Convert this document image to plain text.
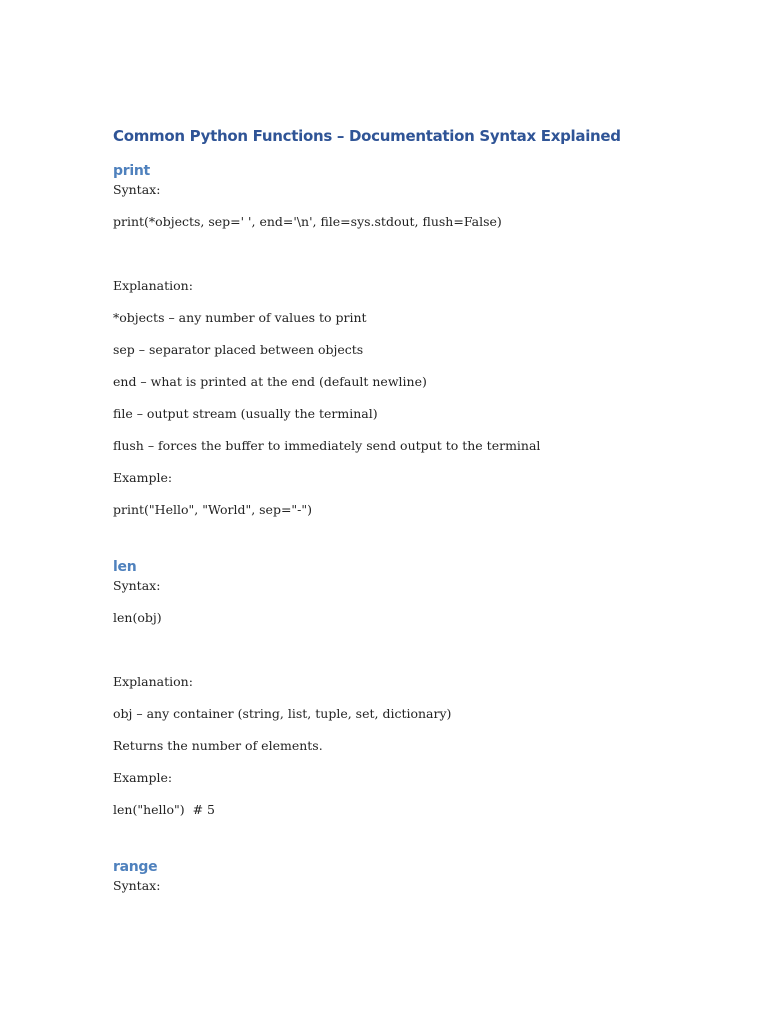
Common Python Functions – Documentation Syntax Explained
print

Syntax:

print(*objects, sep=' ', end='\n', file=sys.stdout, flush=False)

Explanation:

*objects – any number of values to print

sep – separator placed between objects

end – what is printed at the end (default newline)

file – output stream (usually the terminal)

flush – forces the buffer to immediately send output to the terminal

Example:

print("Hello", "World", sep="-")

len

Syntax:

len(obj)

Explanation:

obj – any container (string, list, tuple, set, dictionary)

Returns the number of elements.

Example:

len("hello")  # 5

range

Syntax:
